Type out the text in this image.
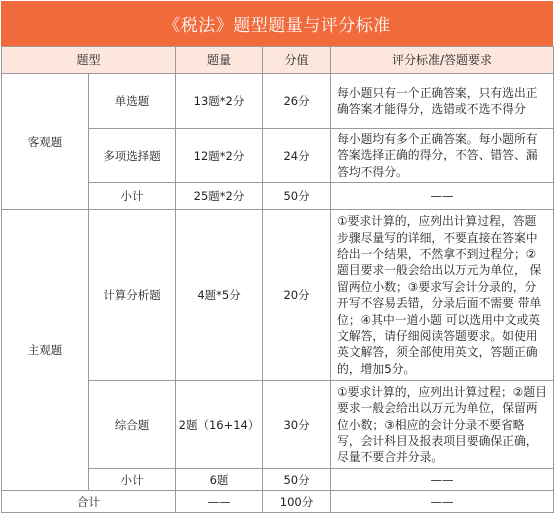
《税法》题型题量与评分标准
题型		题量	分值	评分标准/答题要求
客观题	单选题	13题*2分	26分	每小题只有一个正确答案，只有选出正确答案才能得分，选错或不选不得分
	多项选择题	12题*2分	24分	每小题均有多个正确答案。每小题所有答案选择正确的得分，不答、错答、漏答均不得分。
	小计	25题*2分	50分	——
主观题	计算分析题	4题*5分	20分	①要求计算的，应列出计算过程，答题步骤尽量写的详细，不要直接在答案中给出一个结果，不然拿不到过程分；②题目要求一般会给出以万元为单位， 保留两位小数；③要求写会计分录的，分开写不容易丢错，分录后面不需要 带单位；④其中一道小题 可以选用中文或英文解答，请仔细阅读答题要求。如使用英文解答，须全部使用英文，答题正确的，增加5分。
	综合题	2题（16+14）	30分	①要求计算的，应列出计算过程；②题目要求一般会给出以万元为单位，保留两位小数；③相应的会计分录不要省略写，会计科目及报表项目要确保正确，尽量不要合并分录。
	小计	6题	50分	——
合计		——	100分	——
